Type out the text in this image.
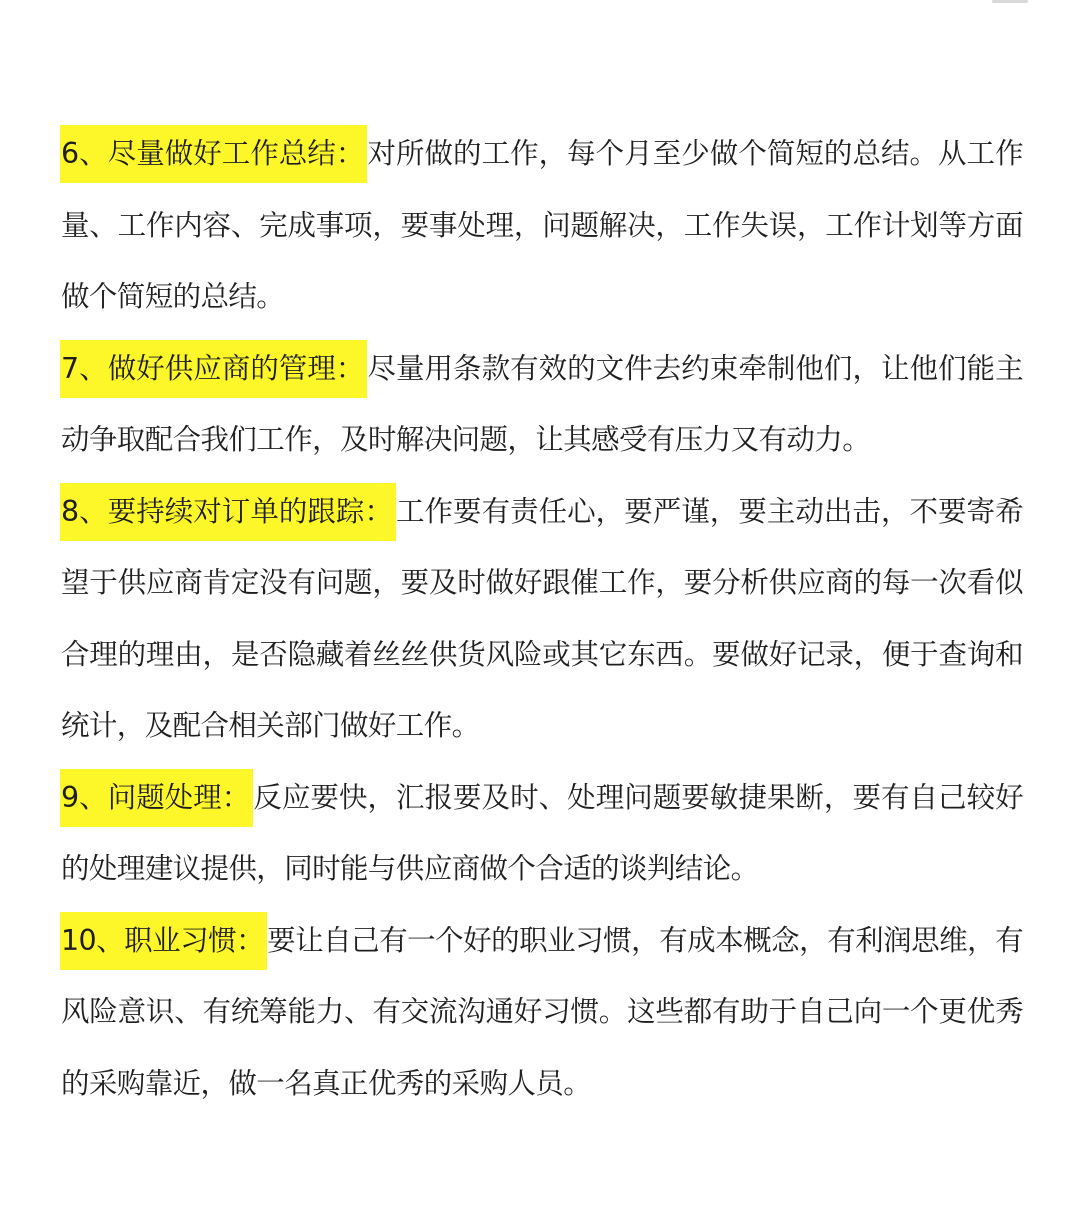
6、尽量做好工作总结： 对所做的工作，每个月至少做个简短的总结。从工作量、工作内容、完成事项，要事处理，问题解决，工作失误，工作计划等方面做个简短的总结。

7、做好供应商的管理： 尽量用条款有效的文件去约束牵制他们，让他们能主动争取配合我们工作，及时解决问题，让其感受有压力又有动力。

8、要持续对订单的跟踪： 工作要有责任心，要严谨，要主动出击，不要寄希望于供应商肯定没有问题，要及时做好跟催工作，要分析供应商的每一次看似合理的理由，是否隐藏着丝丝供货风险或其它东西。要做好记录，便于查询和统计，及配合相关部门做好工作。

9、问题处理： 反应要快，汇报要及时、处理问题要敏捷果断，要有自己较好的处理建议提供，同时能与供应商做个合适的谈判结论。

10、职业习惯： 要让自己有一个好的职业习惯，有成本概念，有利润思维，有风险意识、有统筹能力、有交流沟通好习惯。这些都有助于自己向一个更优秀的采购靠近，做一名真正优秀的采购人员。
